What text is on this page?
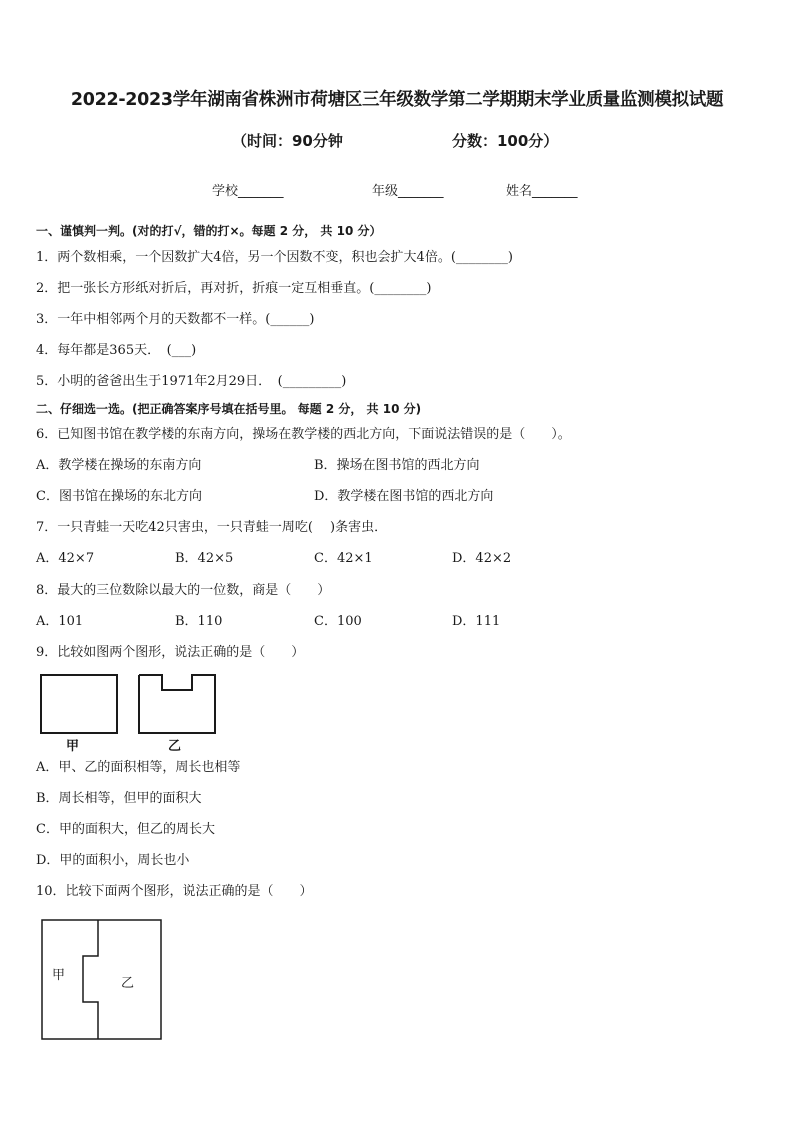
2022-2023学年湖南省株洲市荷塘区三年级数学第二学期期末学业质量监测模拟试题
（时间：90分钟	分数：100分）
学校_______	年级_______	姓名_______
一、谨慎判一判。(对的打√，错的打×。每题 2 分， 共 10 分）
1．两个数相乘，一个因数扩大4倍，另一个因数不变，积也会扩大4倍。(________)
2．把一张长方形纸对折后，再对折，折痕一定互相垂直。(________)
3．一年中相邻两个月的天数都不一样。(______)
4．每年都是365天．　(___)
5．小明的爸爸出生于1971年2月29日．　(_________)
二、仔细选一选。(把正确答案序号填在括号里。 每题 2 分， 共 10 分)
6．已知图书馆在教学楼的东南方向，操场在教学楼的西北方向，下面说法错误的是（　　）。
A．教学楼在操场的东南方向	B．操场在图书馆的西北方向
C．图书馆在操场的东北方向	D．教学楼在图书馆的西北方向
7．一只青蛙一天吃42只害虫，一只青蛙一周吃(　 )条害虫．
A．42×7	B．42×5	C．42×1	D．42×2
8．最大的三位数除以最大的一位数，商是（　　）
A．101	B．110	C．100	D．111
9．比较如图两个图形，说法正确的是（　　）
甲	乙
A．甲、乙的面积相等，周长也相等
B．周长相等，但甲的面积大
C．甲的面积大，但乙的周长大
D．甲的面积小，周长也小
10．比较下面两个图形，说法正确的是（　　）
甲
乙
